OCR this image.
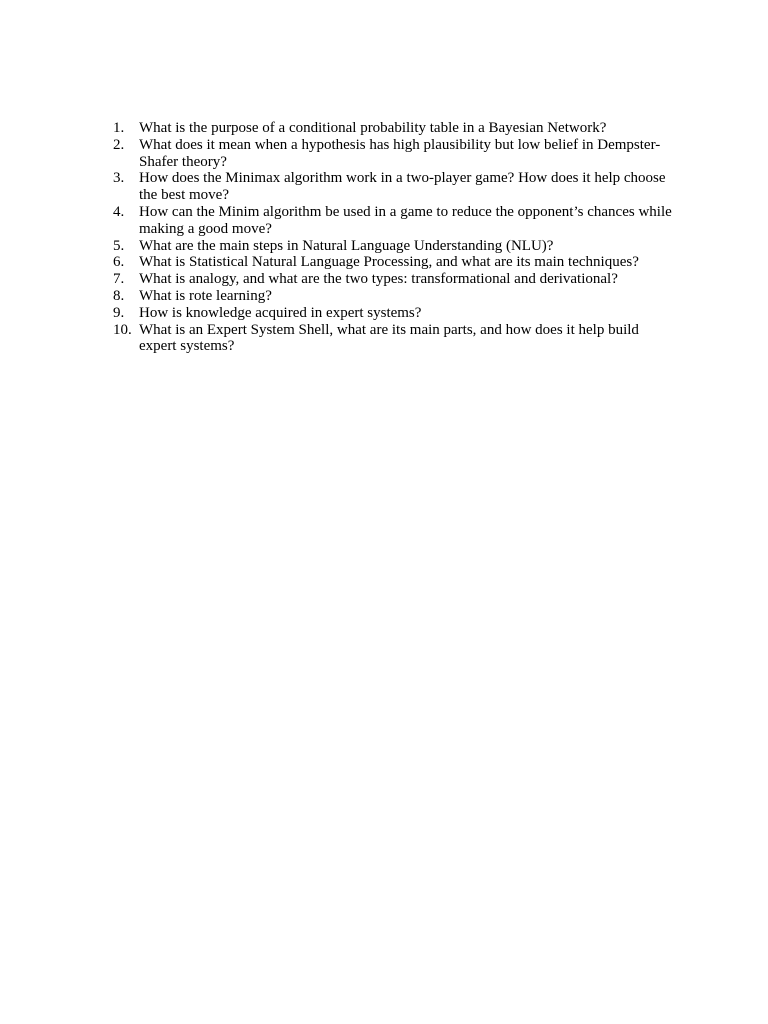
1. What is the purpose of a conditional probability table in a Bayesian Network?
2. What does it mean when a hypothesis has high plausibility but low belief in Dempster-Shafer theory?
3. How does the Minimax algorithm work in a two-player game? How does it help choose the best move?
4. How can the Minim algorithm be used in a game to reduce the opponent’s chances while making a good move?
5. What are the main steps in Natural Language Understanding (NLU)?
6. What is Statistical Natural Language Processing, and what are its main techniques?
7. What is analogy, and what are the two types: transformational and derivational?
8. What is rote learning?
9. How is knowledge acquired in expert systems?
10. What is an Expert System Shell, what are its main parts, and how does it help build expert systems?
